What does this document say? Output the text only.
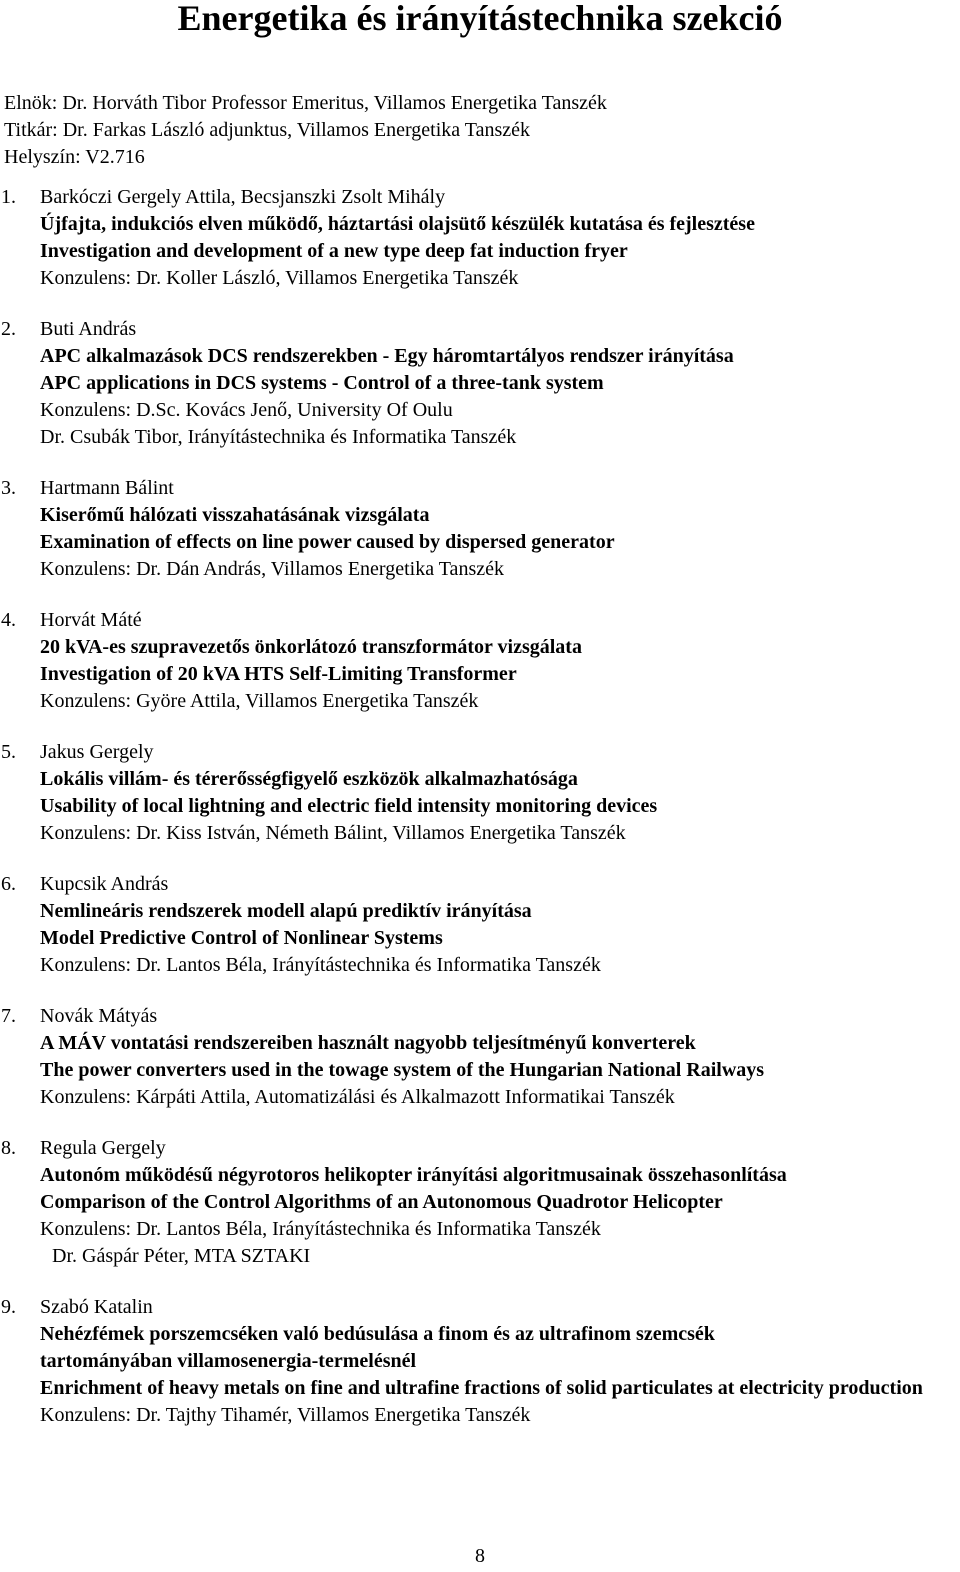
Energetika és irányítástechnika szekció
Elnök: Dr. Horváth Tibor Professor Emeritus, Villamos Energetika Tanszék
Titkár: Dr. Farkas László adjunktus, Villamos Energetika Tanszék
Helyszín: V2.716
1.	Barkóczi Gergely Attila, Becsjanszki Zsolt Mihály
Újfajta, indukciós elven működő, háztartási olajsütő készülék kutatása és fejlesztése
Investigation and development of a new type deep fat induction fryer
Konzulens: Dr. Koller László, Villamos Energetika Tanszék
2.	Buti András
APC alkalmazások DCS rendszerekben - Egy háromtartályos rendszer irányítása
APC applications in DCS systems - Control of a three-tank system
Konzulens: D.Sc. Kovács Jenő, University Of Oulu
Dr. Csubák Tibor, Irányítástechnika és Informatika Tanszék
3.	Hartmann Bálint
Kiserőmű hálózati visszahatásának vizsgálata
Examination of effects on line power caused by dispersed generator
Konzulens: Dr. Dán András, Villamos Energetika Tanszék
4.	Horvát Máté
20 kVA-es szupravezetős önkorlátozó transzformátor vizsgálata
Investigation of 20 kVA HTS Self-Limiting Transformer
Konzulens: Györe Attila, Villamos Energetika Tanszék
5.	Jakus Gergely
Lokális villám- és térerősségfigyelő eszközök alkalmazhatósága
Usability of local lightning and electric field intensity monitoring devices
Konzulens: Dr. Kiss István, Németh Bálint, Villamos Energetika Tanszék
6.	Kupcsik András
Nemlineáris rendszerek modell alapú prediktív irányítása
Model Predictive Control of Nonlinear Systems
Konzulens: Dr. Lantos Béla, Irányítástechnika és Informatika Tanszék
7.	Novák Mátyás
A MÁV vontatási rendszereiben használt nagyobb teljesítményű konverterek
The power converters used in the towage system of the Hungarian National Railways
Konzulens: Kárpáti Attila, Automatizálási és Alkalmazott Informatikai Tanszék
8.	Regula Gergely
Autonóm működésű négyrotoros helikopter irányítási algoritmusainak összehasonlítása
Comparison of the Control Algorithms of an Autonomous Quadrotor Helicopter
Konzulens: Dr. Lantos Béla, Irányítástechnika és Informatika Tanszék
Dr. Gáspár Péter, MTA SZTAKI
9.	Szabó Katalin
Nehézfémek porszemcséken való bedúsulása a finom és az ultrafinom szemcsék tartományában villamosenergia-termelésnél
Enrichment of heavy metals on fine and ultrafine fractions of solid particulates at electricity production
Konzulens: Dr. Tajthy Tihamér, Villamos Energetika Tanszék
8
